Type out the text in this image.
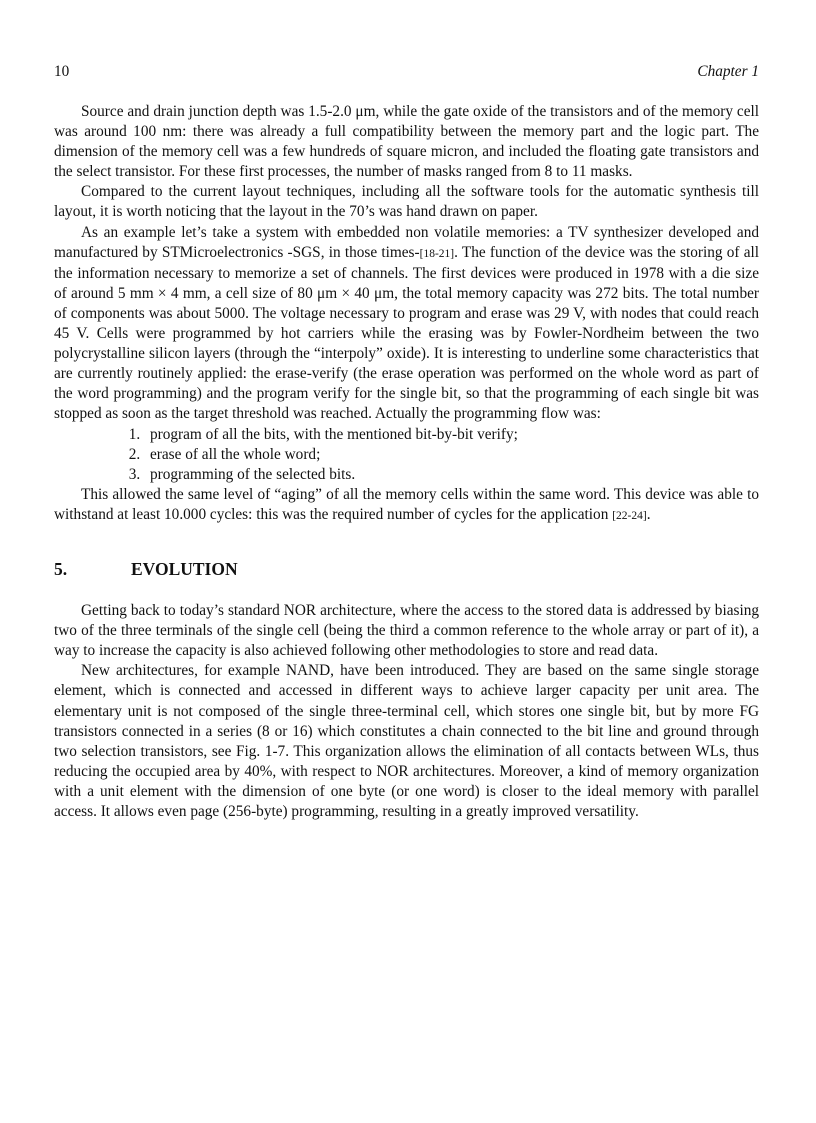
10	Chapter 1

Source and drain junction depth was 1.5-2.0 μm, while the gate oxide of the transistors and of the memory cell was around 100 nm: there was already a full compatibility between the memory part and the logic part. The dimension of the memory cell was a few hundreds of square micron, and included the floating gate transistors and the select transistor. For these first processes, the number of masks ranged from 8 to 11 masks.

Compared to the current layout techniques, including all the software tools for the automatic synthesis till layout, it is worth noticing that the layout in the 70’s was hand drawn on paper.

As an example let’s take a system with embedded non volatile memories: a TV synthesizer developed and manufactured by STMicroelectronics -SGS, in those times-[18-21]. The function of the device was the storing of all the information necessary to memorize a set of channels. The first devices were produced in 1978 with a die size of around 5 mm × 4 mm, a cell size of 80 μm × 40 μm, the total memory capacity was 272 bits. The total number of components was about 5000. The voltage necessary to program and erase was 29 V, with nodes that could reach 45 V. Cells were programmed by hot carriers while the erasing was by Fowler-Nordheim between the two polycrystalline silicon layers (through the “interpoly” oxide). It is interesting to underline some characteristics that are currently routinely applied: the erase-verify (the erase operation was performed on the whole word as part of the word programming) and the program verify for the single bit, so that the programming of each single bit was stopped as soon as the target threshold was reached. Actually the programming flow was:

1. program of all the bits, with the mentioned bit-by-bit verify;
2. erase of all the whole word;
3. programming of the selected bits.

This allowed the same level of “aging” of all the memory cells within the same word. This device was able to withstand at least 10.000 cycles: this was the required number of cycles for the application [22-24].

5.	EVOLUTION

Getting back to today’s standard NOR architecture, where the access to the stored data is addressed by biasing two of the three terminals of the single cell (being the third a common reference to the whole array or part of it), a way to increase the capacity is also achieved following other methodologies to store and read data.

New architectures, for example NAND, have been introduced. They are based on the same single storage element, which is connected and accessed in different ways to achieve larger capacity per unit area. The elementary unit is not composed of the single three-terminal cell, which stores one single bit, but by more FG transistors connected in a series (8 or 16) which constitutes a chain connected to the bit line and ground through two selection transistors, see Fig. 1-7. This organization allows the elimination of all contacts between WLs, thus reducing the occupied area by 40%, with respect to NOR architectures. Moreover, a kind of memory organization with a unit element with the dimension of one byte (or one word) is closer to the ideal memory with parallel access. It allows even page (256-byte) programming, resulting in a greatly improved versatility.
